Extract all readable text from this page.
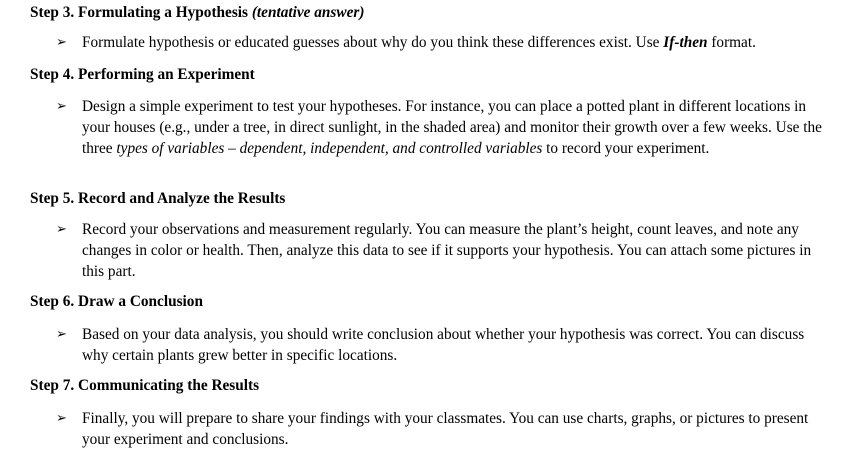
Step 3. Formulating a Hypothesis (tentative answer)
➢ Formulate hypothesis or educated guesses about why do you think these differences exist. Use If-then format.
Step 4. Performing an Experiment
➢ Design a simple experiment to test your hypotheses. For instance, you can place a potted plant in different locations in your houses (e.g., under a tree, in direct sunlight, in the shaded area) and monitor their growth over a few weeks. Use the three types of variables – dependent, independent, and controlled variables to record your experiment.
Step 5. Record and Analyze the Results
➢ Record your observations and measurement regularly. You can measure the plant’s height, count leaves, and note any changes in color or health. Then, analyze this data to see if it supports your hypothesis. You can attach some pictures in this part.
Step 6. Draw a Conclusion
➢ Based on your data analysis, you should write conclusion about whether your hypothesis was correct. You can discuss why certain plants grew better in specific locations.
Step 7. Communicating the Results
➢ Finally, you will prepare to share your findings with your classmates. You can use charts, graphs, or pictures to present your experiment and conclusions.
